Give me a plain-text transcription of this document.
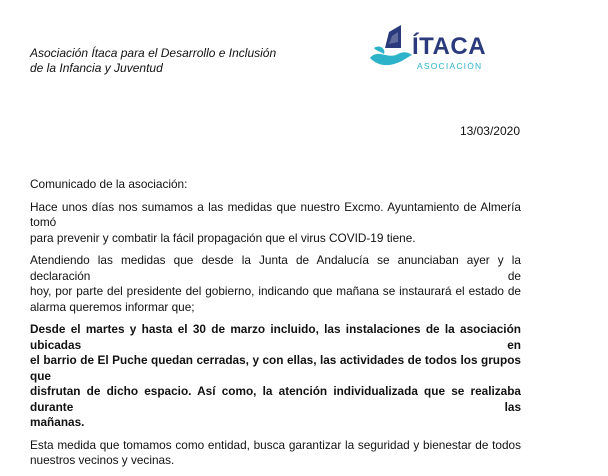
Asociación Ítaca para el Desarrollo e Inclusión
de la Infancia y Juventud
ÍTACA
ASOCIACIÓN
13/03/2020

Comunicado de la asociación:

Hace unos días nos sumamos a las medidas que nuestro Excmo. Ayuntamiento de Almería tomó
para prevenir y combatir la fácil propagación que el virus COVID-19 tiene.

Atendiendo las medidas que desde la Junta de Andalucía se anunciaban ayer y la declaración de
hoy, por parte del presidente del gobierno, indicando que mañana se instaurará el estado de
alarma queremos informar que;

Desde el martes y hasta el 30 de marzo incluido, las instalaciones de la asociación ubicadas en
el barrio de El Puche quedan cerradas, y con ellas, las actividades de todos los grupos que
disfrutan de dicho espacio. Así como, la atención individualizada que se realizaba durante las
mañanas.

Esta medida que tomamos como entidad, busca garantizar la seguridad y bienestar de todos
nuestros vecinos y vecinas.
